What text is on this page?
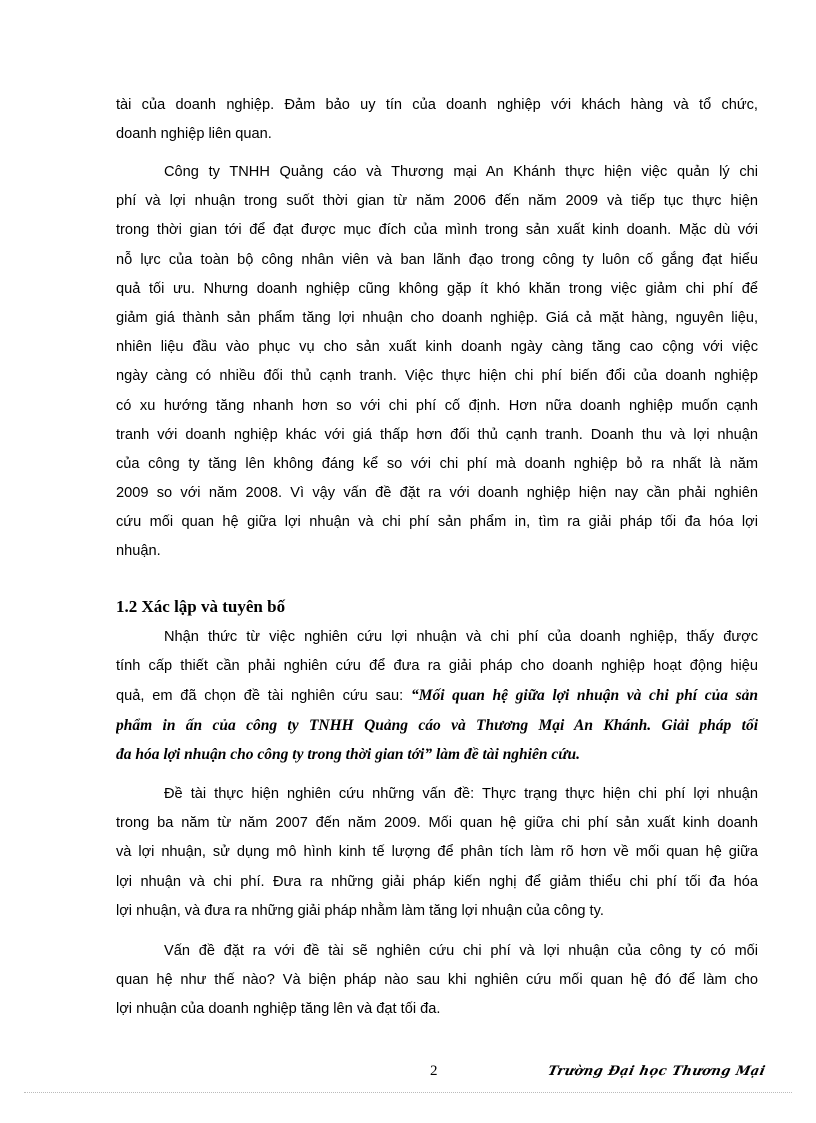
tài của doanh nghiệp. Đảm bảo uy tín của doanh nghiệp với khách hàng và tổ chức,
doanh nghiệp liên quan.
Công ty TNHH Quảng cáo và Thương mại An Khánh thực hiện việc quản lý chi
phí và lợi nhuận trong suốt thời gian từ năm 2006 đến năm 2009 và tiếp tục thực hiện
trong thời gian tới để đạt được mục đích của mình trong sản xuất kinh doanh. Mặc dù với
nỗ lực của toàn bộ công nhân viên và ban lãnh đạo trong công ty luôn cố gắng đạt hiểu
quả tối ưu. Nhưng doanh nghiệp cũng không gặp ít khó khăn trong việc giảm chi phí để
giảm giá thành sản phẩm tăng lợi nhuận cho doanh nghiệp. Giá cả mặt hàng, nguyên liệu,
nhiên liệu đầu vào phục vụ cho sản xuất kinh doanh ngày càng tăng cao cộng với việc
ngày càng có nhiều đối thủ cạnh tranh. Việc thực hiện chi phí biến đổi của doanh nghiệp
có xu hướng tăng nhanh hơn so với chi phí cố định. Hơn nữa doanh nghiệp muốn cạnh
tranh với doanh nghiệp khác với giá thấp hơn đối thủ cạnh tranh. Doanh thu và lợi nhuận
của công ty tăng lên không đáng kể so với chi phí mà doanh nghiệp bỏ ra nhất là năm
2009 so với năm 2008. Vì vậy vấn đề đặt ra với doanh nghiệp hiện nay cần phải nghiên
cứu mối quan hệ giữa lợi nhuận và chi phí sản phẩm in, tìm ra giải pháp tối đa hóa lợi
nhuận.
1.2 Xác lập và tuyên bố
Nhận thức từ việc nghiên cứu lợi nhuận và chi phí của doanh nghiệp, thấy được
tính cấp thiết cần phải nghiên cứu để đưa ra giải pháp cho doanh nghiệp hoạt động hiệu
quả, em đã chọn đề tài nghiên cứu sau: “Mối quan hệ giữa lợi nhuận và chi phí của sản
phẩm in ấn của công ty TNHH Quảng cáo và Thương Mại An Khánh. Giải pháp tối
đa hóa lợi nhuận cho công ty trong thời gian tới” làm đề tài nghiên cứu.
Đề tài thực hiện nghiên cứu những vấn đề: Thực trạng thực hiện chi phí lợi nhuận
trong ba năm từ năm 2007 đến năm 2009. Mối quan hệ giữa chi phí sản xuất kinh doanh
và lợi nhuận, sử dụng mô hình kinh tế lượng để phân tích làm rõ hơn về mối quan hệ giữa
lợi nhuận và chi phí. Đưa ra những giải pháp kiến nghị để giảm thiểu chi phí tối đa hóa
lợi nhuận, và đưa ra những giải pháp nhằm làm tăng lợi nhuận của công ty.
Vấn đề đặt ra với đề tài sẽ nghiên cứu chi phí và lợi nhuận của công ty có mối
quan hệ như thế nào? Và biện pháp nào sau khi nghiên cứu mối quan hệ đó để làm cho
lợi nhuận của doanh nghiệp tăng lên và đạt tối đa.
2	Trường Đại học Thương Mại
